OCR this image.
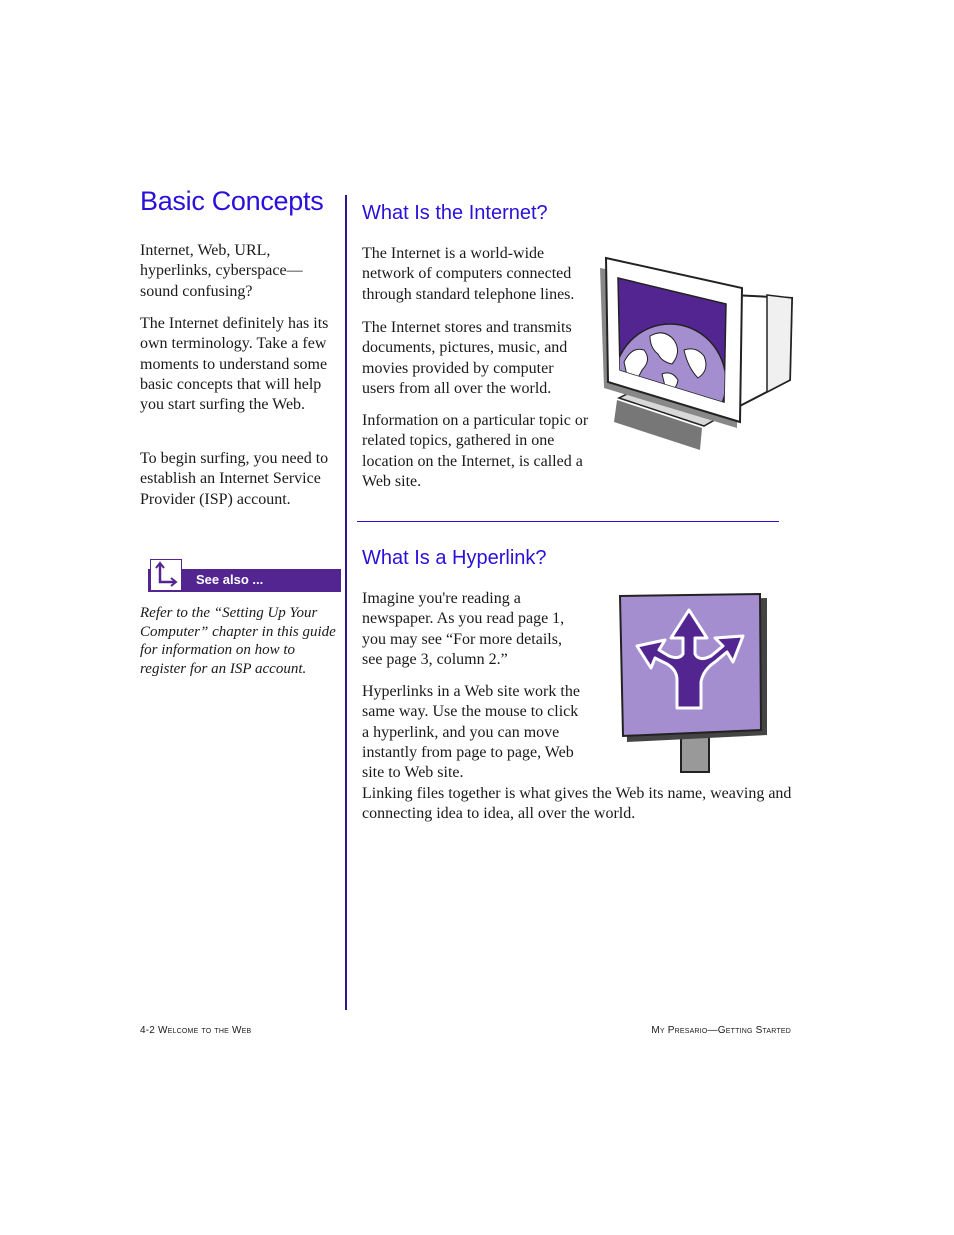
Basic Concepts

Internet, Web, URL, hyperlinks, cyberspace— sound confusing?

The Internet definitely has its own terminology. Take a few moments to understand some basic concepts that will help you start surfing the Web.

To begin surfing, you need to establish an Internet Service Provider (ISP) account.

See also ...

Refer to the “Setting Up Your Computer” chapter in this guide for information on how to register for an ISP account.

What Is the Internet?

The Internet is a world-wide network of computers connected through standard telephone lines.

The Internet stores and transmits documents, pictures, music, and movies provided by computer users from all over the world.

Information on a particular topic or related topics, gathered in one location on the Internet, is called a Web site.

What Is a Hyperlink?

Imagine you're reading a newspaper. As you read page 1, you may see “For more details, see page 3, column 2.”

Hyperlinks in a Web site work the same way. Use the mouse to click a hyperlink, and you can move instantly from page to page, Web site to Web site.

Linking files together is what gives the Web its name, weaving and connecting idea to idea, all over the world.

4-2 Welcome to the Web	My Presario—Getting Started
